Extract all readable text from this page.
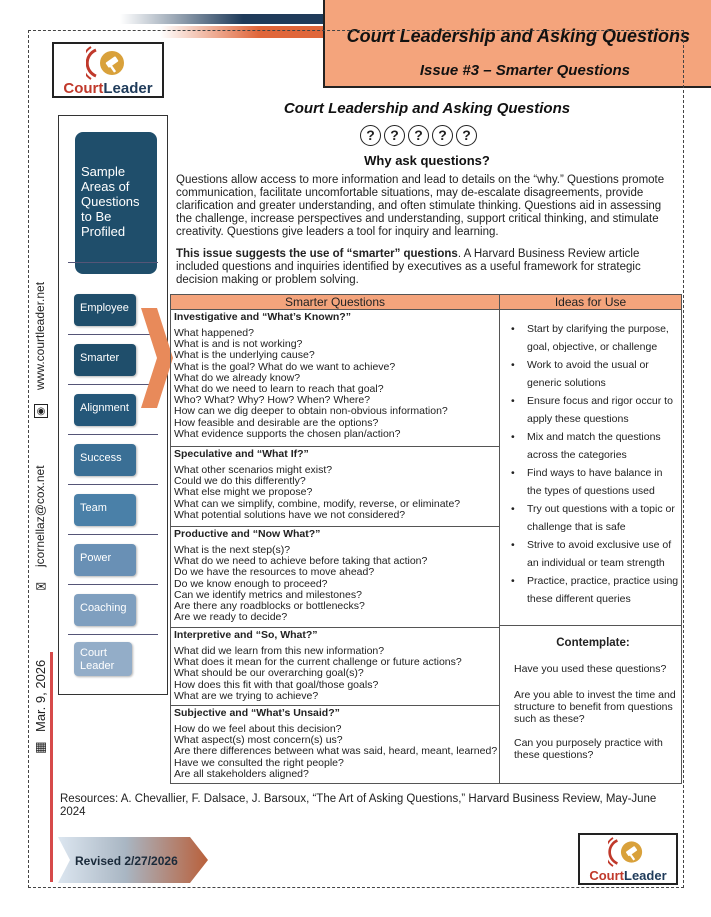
Court Leadership and Asking Questions
Issue #3 – Smarter Questions
CourtLeader
www.courtleader.net
◉
jcornellaz@cox.net
✉
Mar. 9, 2026
▦
Sample Areas of Questions to Be Profiled
Employee
Smarter
Alignment
Success
Team
Power
Coaching
Court Leader
Court Leadership and Asking Questions
?	?	?	?	?
Why ask questions?
Questions allow access to more information and lead to details on the “why.” Questions promote communication, facilitate uncomfortable situations, may de-escalate disagreements, provide clarification and greater understanding, and often stimulate thinking. Questions aid in assessing the challenge, increase perspectives and understanding, support critical thinking, and stimulate creativity. Questions give leaders a tool for inquiry and learning.
This issue suggests the use of “smarter” questions. A Harvard Business Review article included questions and inquiries identified by executives as a useful framework for strategic decision making or problem solving.
Smarter Questions	Ideas for Use
Investigative and “What’s Known?”
What happened?
What is and is not working?
What is the underlying cause?
What is the goal? What do we want to achieve?
What do we already know?
What do we need to learn to reach that goal?
Who? What? Why? How? When? Where?
How can we dig deeper to obtain non-obvious information?
How feasible and desirable are the options?
What evidence supports the chosen plan/action?
Speculative and “What If?”
What other scenarios might exist?
Could we do this differently?
What else might we propose?
What can we simplify, combine, modify, reverse, or eliminate?
What potential solutions have we not considered?
Productive and “Now What?”
What is the next step(s)?
What do we need to achieve before taking that action?
Do we have the resources to move ahead?
Do we know enough to proceed?
Can we identify metrics and milestones?
Are there any roadblocks or bottlenecks?
Are we ready to decide?
Interpretive and “So, What?”
What did we learn from this new information?
What does it mean for the current challenge or future actions?
What should be our overarching goal(s)?
How does this fit with that goal/those goals?
What are we trying to achieve?
Subjective and “What’s Unsaid?”
How do we feel about this decision?
What aspect(s) most concern(s) us?
Are there differences between what was said, heard, meant, learned?
Have we consulted the right people?
Are all stakeholders aligned?
• Start by clarifying the purpose, goal, objective, or challenge
• Work to avoid the usual or generic solutions
• Ensure focus and rigor occur to apply these questions
• Mix and match the questions across the categories
• Find ways to have balance in the types of questions used
• Try out questions with a topic or challenge that is safe
• Strive to avoid exclusive use of an individual or team strength
• Practice, practice, practice using these different queries
Contemplate:
Have you used these questions?
Are you able to invest the time and structure to benefit from questions such as these?
Can you purposely practice with these questions?
Resources: A. Chevallier, F. Dalsace, J. Barsoux, “The Art of Asking Questions,” Harvard Business Review, May-June 2024
Revised 2/27/2026
CourtLeader
